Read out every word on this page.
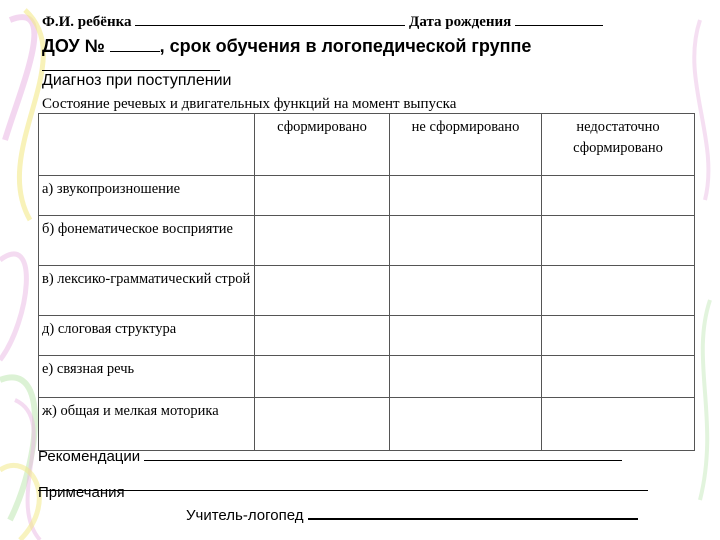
Ф.И. ребёнка	Дата рождения
ДОУ №	, срок обучения в логопедической группе
Диагноз при поступлении
Состояние речевых и двигательных функций на момент выпуска
	сформировано	не сформировано	недостаточно сформировано
а) звукопроизношение			
б) фонематическое восприятие			
в) лексико-грамматический строй			
д) слоговая структура			
е) связная речь			
ж) общая и мелкая моторика			
Рекомендации
Примечания
Учитель-логопед
